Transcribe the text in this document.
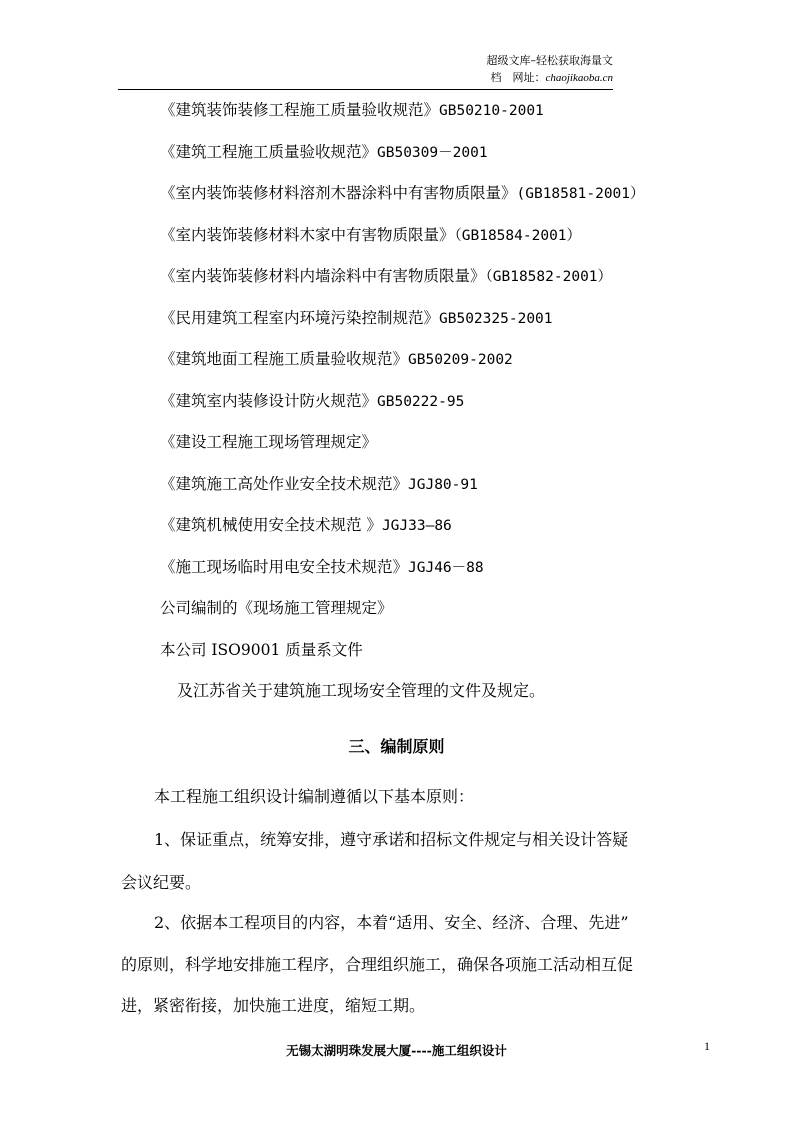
超级文库–轻松获取海量文
档　网址：chaojikaoba.cn
《建筑装饰装修工程施工质量验收规范》GB50210-2001
《建筑工程施工质量验收规范》GB50309－2001
《室内装饰装修材料溶剂木器涂料中有害物质限量》(GB18581-2001）
《室内装饰装修材料木家中有害物质限量》（GB18584-2001）
《室内装饰装修材料内墙涂料中有害物质限量》（GB18582-2001）
《民用建筑工程室内环境污染控制规范》GB502325-2001
《建筑地面工程施工质量验收规范》GB50209-2002
《建筑室内装修设计防火规范》GB50222-95
《建设工程施工现场管理规定》
《建筑施工高处作业安全技术规范》JGJ80-91
《建筑机械使用安全技术规范 》JGJ33—86
《施工现场临时用电安全技术规范》JGJ46－88
公司编制的《现场施工管理规定》
本公司 ISO9001 质量系文件
及江苏省关于建筑施工现场安全管理的文件及规定。
三、编制原则
本工程施工组织设计编制遵循以下基本原则：
1、保证重点，统筹安排，遵守承诺和招标文件规定与相关设计答疑
会议纪要。
2、依据本工程项目的内容，本着“适用、安全、经济、合理、先进”
的原则，科学地安排施工程序，合理组织施工，确保各项施工活动相互促
进，紧密衔接，加快施工进度，缩短工期。
无锡太湖明珠发展大厦----施工组织设计	1
